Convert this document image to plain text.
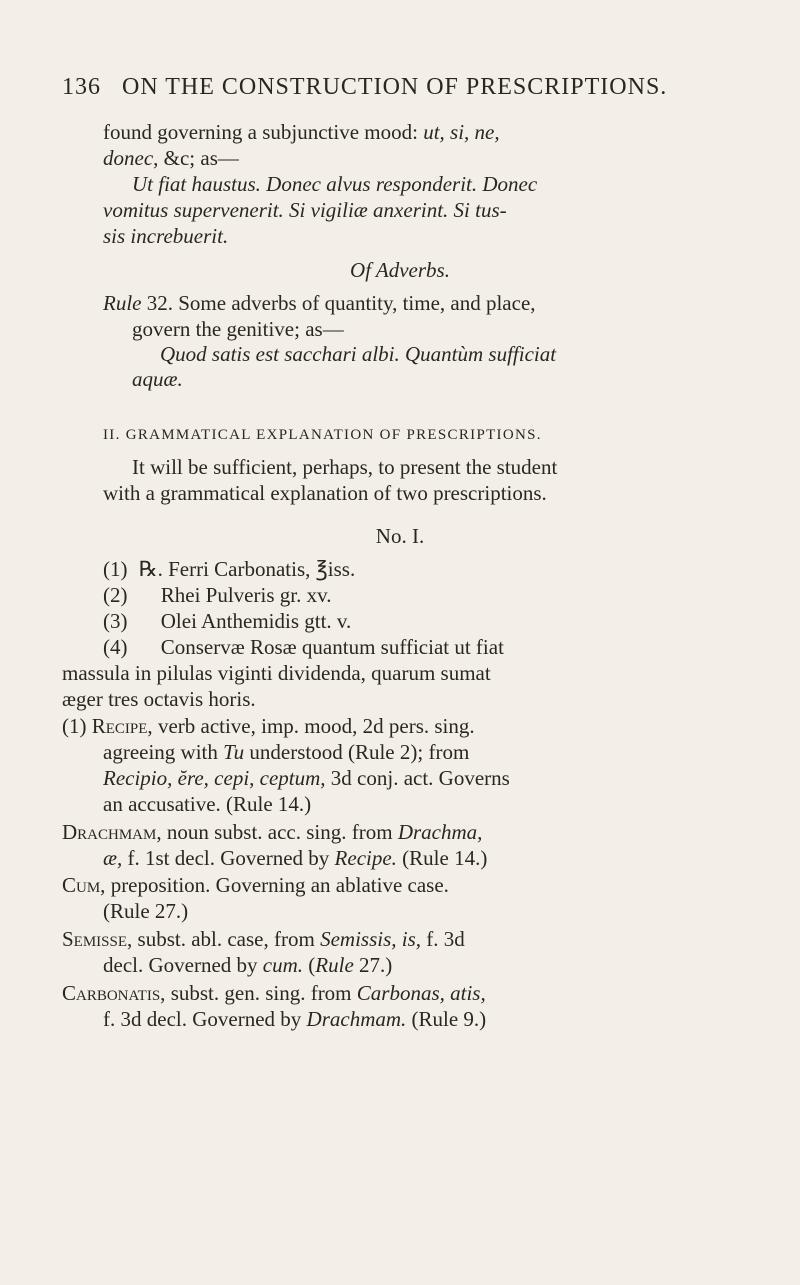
136 ON THE CONSTRUCTION OF PRESCRIPTIONS.
found governing a subjunctive mood: ut, si, ne,
donec, &c; as—
Ut fiat haustus. Donec alvus responderit. Donec
vomitus supervenerit. Si vigiliæ anxerint. Si tus-
sis increbuerit.
Of Adverbs.
Rule 32. Some adverbs of quantity, time, and place,
govern the genitive; as—
Quod satis est sacchari albi. Quantùm sufficiat
aquæ.
II. GRAMMATICAL EXPLANATION OF PRESCRIPTIONS.
It will be sufficient, perhaps, to present the student
with a grammatical explanation of two prescriptions.
No. I.
(1) ℞. Ferri Carbonatis, ℥iss.
(2) Rhei Pulveris gr. xv.
(3) Olei Anthemidis gtt. v.
(4) Conservæ Rosæ quantum sufficiat ut fiat
massula in pilulas viginti dividenda, quarum sumat
æger tres octavis horis.
(1) Recipe, verb active, imp. mood, 2d pers. sing.
agreeing with Tu understood (Rule 2); from
Recipio, ĕre, cepi, ceptum, 3d conj. act. Governs
an accusative. (Rule 14.)
Drachmam, noun subst. acc. sing. from Drachma,
æ, f. 1st decl. Governed by Recipe. (Rule 14.)
Cum, preposition. Governing an ablative case.
(Rule 27.)
Semisse, subst. abl. case, from Semissis, is, f. 3d
decl. Governed by cum. (Rule 27.)
Carbonatis, subst. gen. sing. from Carbonas, atis,
f. 3d decl. Governed by Drachmam. (Rule 9.)
